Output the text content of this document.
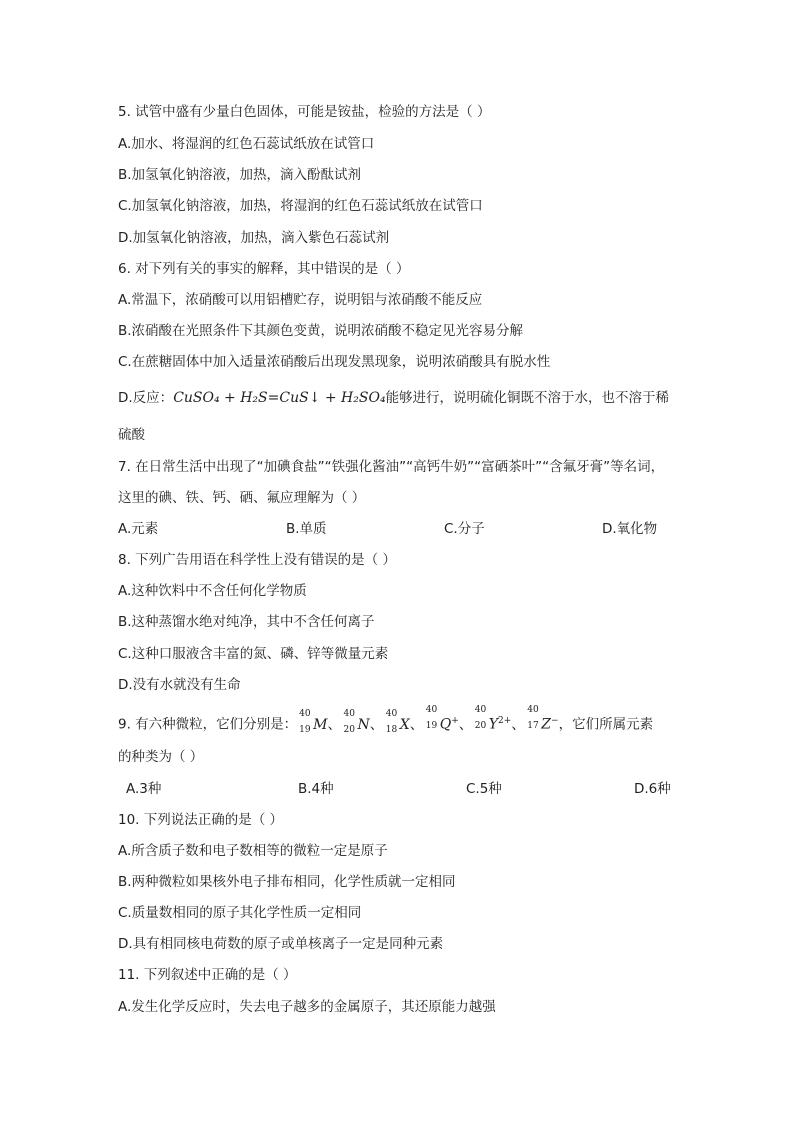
5. 试管中盛有少量白色固体，可能是铵盐，检验的方法是（ ）
A.加水、将湿润的红色石蕊试纸放在试管口
B.加氢氧化钠溶液，加热，滴入酚酞试剂
C.加氢氧化钠溶液，加热，将湿润的红色石蕊试纸放在试管口
D.加氢氧化钠溶液，加热，滴入紫色石蕊试剂
6. 对下列有关的事实的解释，其中错误的是（ ）
A.常温下，浓硝酸可以用铝槽贮存，说明铝与浓硝酸不能反应
B.浓硝酸在光照条件下其颜色变黄，说明浓硝酸不稳定见光容易分解
C.在蔗糖固体中加入适量浓硝酸后出现发黑现象，说明浓硝酸具有脱水性
D.反应：CuSO₄ + H₂S=CuS↓ + H₂SO₄能够进行，说明硫化铜既不溶于水，也不溶于稀
硫酸
7. 在日常生活中出现了“加碘食盐”“铁强化酱油”“高钙牛奶”“富硒茶叶”“含氟牙膏”等名词，
这里的碘、铁、钙、硒、氟应理解为（ ）
A.元素	B.单质	C.分子	D.氧化物
8. 下列广告用语在科学性上没有错误的是（ ）
A.这种饮料中不含任何化学物质
B.这种蒸馏水绝对纯净，其中不含任何离子
C.这种口服液含丰富的氮、磷、锌等微量元素
D.没有水就没有生命
9. 有六种微粒，它们分别是：
40
19 M、
40
20 N、
40
18 X、
40
19 Q+、
40
20 $Y^{2+}$、
40
17 Z−，它们所属元素
的种类为（ ）
A.3种	B.4种	C.5种	D.6种
10. 下列说法正确的是（ ）
A.所含质子数和电子数相等的微粒一定是原子
B.两种微粒如果核外电子排布相同，化学性质就一定相同
C.质量数相同的原子其化学性质一定相同
D.具有相同核电荷数的原子或单核离子一定是同种元素
11. 下列叙述中正确的是（ ）
A.发生化学反应时，失去电子越多的金属原子，其还原能力越强
